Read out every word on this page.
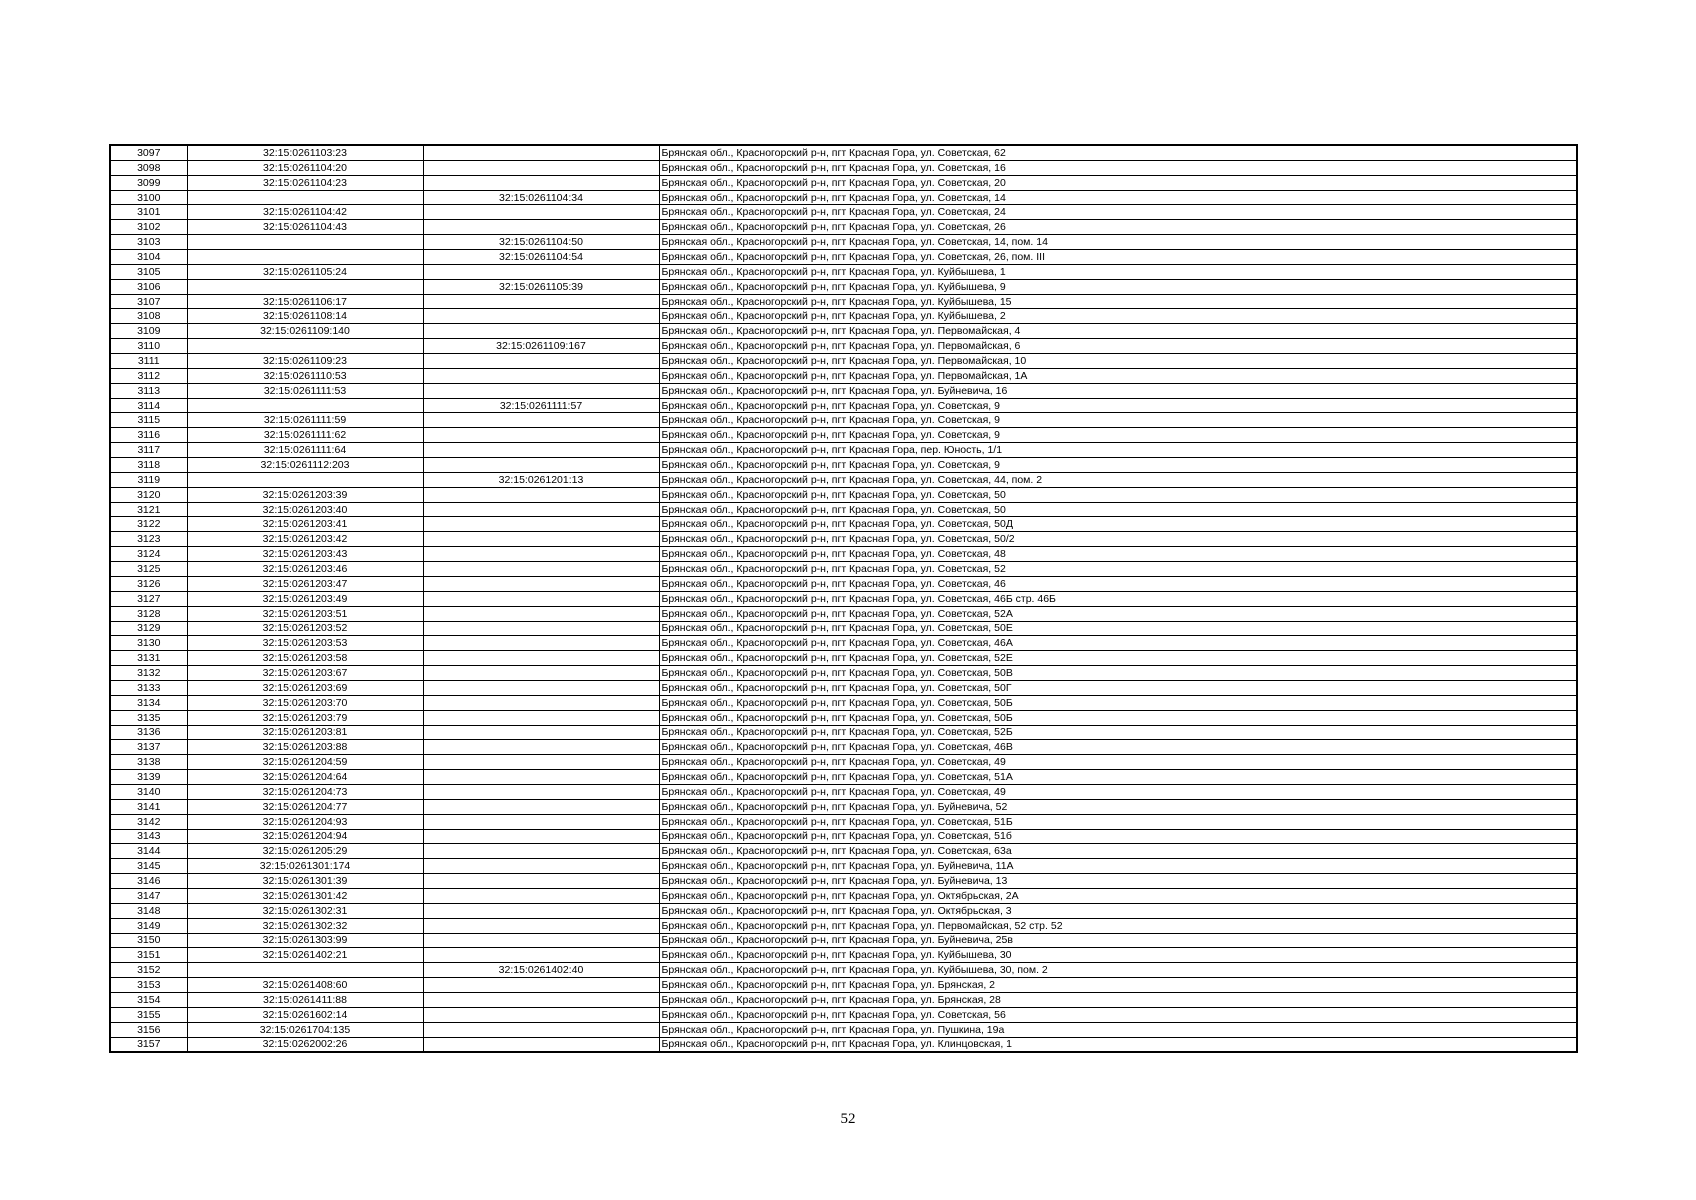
3097	32:15:0261103:23		Брянская обл., Красногорский р-н, пгт Красная Гора, ул. Советская, 62
3098	32:15:0261104:20		Брянская обл., Красногорский р-н, пгт Красная Гора, ул. Советская, 16
3099	32:15:0261104:23		Брянская обл., Красногорский р-н, пгт Красная Гора, ул. Советская, 20
3100		32:15:0261104:34	Брянская обл., Красногорский р-н, пгт Красная Гора, ул. Советская, 14
3101	32:15:0261104:42		Брянская обл., Красногорский р-н, пгт Красная Гора, ул. Советская, 24
3102	32:15:0261104:43		Брянская обл., Красногорский р-н, пгт Красная Гора, ул. Советская, 26
3103		32:15:0261104:50	Брянская обл., Красногорский р-н, пгт Красная Гора, ул. Советская, 14, пом. 14
3104		32:15:0261104:54	Брянская обл., Красногорский р-н, пгт Красная Гора, ул. Советская, 26, пом. III
3105	32:15:0261105:24		Брянская обл., Красногорский р-н, пгт Красная Гора, ул. Куйбышева, 1
3106		32:15:0261105:39	Брянская обл., Красногорский р-н, пгт Красная Гора, ул. Куйбышева, 9
3107	32:15:0261106:17		Брянская обл., Красногорский р-н, пгт Красная Гора, ул. Куйбышева, 15
3108	32:15:0261108:14		Брянская обл., Красногорский р-н, пгт Красная Гора, ул. Куйбышева, 2
3109	32:15:0261109:140		Брянская обл., Красногорский р-н, пгт Красная Гора, ул. Первомайская, 4
3110		32:15:0261109:167	Брянская обл., Красногорский р-н, пгт Красная Гора, ул. Первомайская, 6
3111	32:15:0261109:23		Брянская обл., Красногорский р-н, пгт Красная Гора, ул. Первомайская, 10
3112	32:15:0261110:53		Брянская обл., Красногорский р-н, пгт Красная Гора, ул. Первомайская, 1А
3113	32:15:0261111:53		Брянская обл., Красногорский р-н, пгт Красная Гора, ул. Буйневича, 16
3114		32:15:0261111:57	Брянская обл., Красногорский р-н, пгт Красная Гора, ул. Советская, 9
3115	32:15:0261111:59		Брянская обл., Красногорский р-н, пгт Красная Гора, ул. Советская, 9
3116	32:15:0261111:62		Брянская обл., Красногорский р-н, пгт Красная Гора, ул. Советская, 9
3117	32:15:0261111:64		Брянская обл., Красногорский р-н, пгт Красная Гора, пер. Юность, 1/1
3118	32:15:0261112:203		Брянская обл., Красногорский р-н, пгт Красная Гора, ул. Советская, 9
3119		32:15:0261201:13	Брянская обл., Красногорский р-н, пгт Красная Гора, ул. Советская, 44, пом. 2
3120	32:15:0261203:39		Брянская обл., Красногорский р-н, пгт Красная Гора, ул. Советская, 50
3121	32:15:0261203:40		Брянская обл., Красногорский р-н, пгт Красная Гора, ул. Советская, 50
3122	32:15:0261203:41		Брянская обл., Красногорский р-н, пгт Красная Гора, ул. Советская, 50Д
3123	32:15:0261203:42		Брянская обл., Красногорский р-н, пгт Красная Гора, ул. Советская, 50/2
3124	32:15:0261203:43		Брянская обл., Красногорский р-н, пгт Красная Гора, ул. Советская, 48
3125	32:15:0261203:46		Брянская обл., Красногорский р-н, пгт Красная Гора, ул. Советская, 52
3126	32:15:0261203:47		Брянская обл., Красногорский р-н, пгт Красная Гора, ул. Советская, 46
3127	32:15:0261203:49		Брянская обл., Красногорский р-н, пгт Красная Гора, ул. Советская, 46Б стр. 46Б
3128	32:15:0261203:51		Брянская обл., Красногорский р-н, пгт Красная Гора, ул. Советская, 52А
3129	32:15:0261203:52		Брянская обл., Красногорский р-н, пгт Красная Гора, ул. Советская, 50Е
3130	32:15:0261203:53		Брянская обл., Красногорский р-н, пгт Красная Гора, ул. Советская, 46А
3131	32:15:0261203:58		Брянская обл., Красногорский р-н, пгт Красная Гора, ул. Советская, 52Е
3132	32:15:0261203:67		Брянская обл., Красногорский р-н, пгт Красная Гора, ул. Советская, 50В
3133	32:15:0261203:69		Брянская обл., Красногорский р-н, пгт Красная Гора, ул. Советская, 50Г
3134	32:15:0261203:70		Брянская обл., Красногорский р-н, пгт Красная Гора, ул. Советская, 50Б
3135	32:15:0261203:79		Брянская обл., Красногорский р-н, пгт Красная Гора, ул. Советская, 50Б
3136	32:15:0261203:81		Брянская обл., Красногорский р-н, пгт Красная Гора, ул. Советская, 52Б
3137	32:15:0261203:88		Брянская обл., Красногорский р-н, пгт Красная Гора, ул. Советская, 46В
3138	32:15:0261204:59		Брянская обл., Красногорский р-н, пгт Красная Гора, ул. Советская, 49
3139	32:15:0261204:64		Брянская обл., Красногорский р-н, пгт Красная Гора, ул. Советская, 51А
3140	32:15:0261204:73		Брянская обл., Красногорский р-н, пгт Красная Гора, ул. Советская, 49
3141	32:15:0261204:77		Брянская обл., Красногорский р-н, пгт Красная Гора, ул. Буйневича, 52
3142	32:15:0261204:93		Брянская обл., Красногорский р-н, пгт Красная Гора, ул. Советская, 51Б
3143	32:15:0261204:94		Брянская обл., Красногорский р-н, пгт Красная Гора, ул. Советская, 51б
3144	32:15:0261205:29		Брянская обл., Красногорский р-н, пгт Красная Гора, ул. Советская, 63а
3145	32:15:0261301:174		Брянская обл., Красногорский р-н, пгт Красная Гора, ул. Буйневича, 11А
3146	32:15:0261301:39		Брянская обл., Красногорский р-н, пгт Красная Гора, ул. Буйневича, 13
3147	32:15:0261301:42		Брянская обл., Красногорский р-н, пгт Красная Гора, ул. Октябрьская, 2А
3148	32:15:0261302:31		Брянская обл., Красногорский р-н, пгт Красная Гора, ул. Октябрьская, 3
3149	32:15:0261302:32		Брянская обл., Красногорский р-н, пгт Красная Гора, ул. Первомайская, 52 стр. 52
3150	32:15:0261303:99		Брянская обл., Красногорский р-н, пгт Красная Гора, ул. Буйневича, 25в
3151	32:15:0261402:21		Брянская обл., Красногорский р-н, пгт Красная Гора, ул. Куйбышева, 30
3152		32:15:0261402:40	Брянская обл., Красногорский р-н, пгт Красная Гора, ул. Куйбышева, 30, пом. 2
3153	32:15:0261408:60		Брянская обл., Красногорский р-н, пгт Красная Гора, ул. Брянская, 2
3154	32:15:0261411:88		Брянская обл., Красногорский р-н, пгт Красная Гора, ул. Брянская, 28
3155	32:15:0261602:14		Брянская обл., Красногорский р-н, пгт Красная Гора, ул. Советская, 56
3156	32:15:0261704:135		Брянская обл., Красногорский р-н, пгт Красная Гора, ул. Пушкина, 19а
3157	32:15:0262002:26		Брянская обл., Красногорский р-н, пгт Красная Гора, ул. Клинцовская, 1
52
